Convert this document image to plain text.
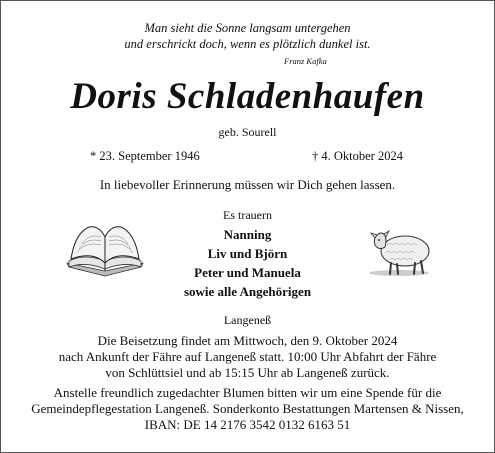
Man sieht die Sonne langsam untergehen
und erschrickt doch, wenn es plötzlich dunkel ist.
Franz Kafka
Doris Schladenhaufen
geb. Sourell
* 23. September 1946	† 4. Oktober 2024
In liebevoller Erinnerung müssen wir Dich gehen lassen.
Es trauern
Nanning
Liv und Björn
Peter und Manuela
sowie alle Angehörigen
Langeneß
Die Beisetzung findet am Mittwoch, den 9. Oktober 2024
nach Ankunft der Fähre auf Langeneß statt. 10:00 Uhr Abfahrt der Fähre
von Schlüttsiel und ab 15:15 Uhr ab Langeneß zurück.
Anstelle freundlich zugedachter Blumen bitten wir um eine Spende für die
Gemeindepflegestation Langeneß. Sonderkonto Bestattungen Martensen & Nissen,
IBAN: DE 14 2176 3542 0132 6163 51
